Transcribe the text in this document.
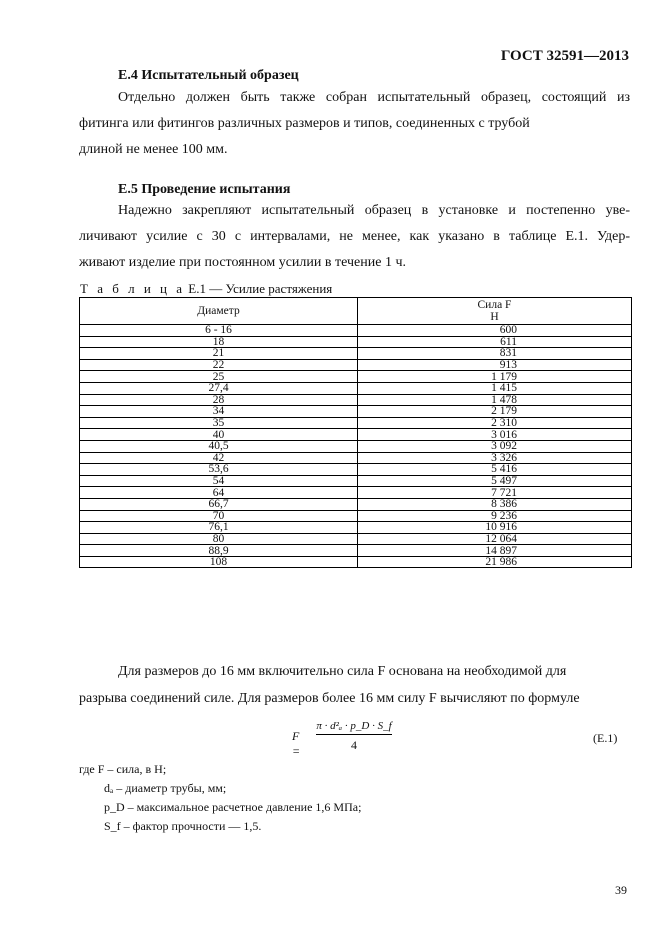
ГОСТ 32591—2013
Е.4 Испытательный образец
Отдельно должен быть также собран испытательный образец, состоящий из
фитинга или фитингов различных размеров и типов, соединенных с трубой
длиной не менее 100 мм.
Е.5 Проведение испытания
Надежно закрепляют испытательный образец в установке и постепенно уве-
личивают усилие с 30 с интервалами, не менее, как указано в таблице Е.1. Удер-
живают изделие при постоянном усилии в течение 1 ч.
Т а б л и ц а Е.1 — Усилие растяжения
Диаметр	Сила F
Н

6 - 16	600
18	611
21	831
22	913
25	1 179
27,4	1 415
28	1 478
34	2 179
35	2 310
40	3 016
40,5	3 092
42	3 326
53,6	5 416
54	5 497
64	7 721
66,7	8 386
70	9 236
76,1	10 916
80	12 064
88,9	14 897
108	21 986
Для размеров до 16 мм включительно сила F основана на необходимой для
разрыва соединений силе. Для размеров более 16 мм силу F вычисляют по формуле
$F = \frac{\text{π · d²ₐ · p\_D · S\_f}}{4}$	(Е.1)
где F – сила, в Н;
dₐ – диаметр трубы, мм;
p_D – максимальное расчетное давление 1,6 МПа;
S_f – фактор прочности — 1,5.
39
